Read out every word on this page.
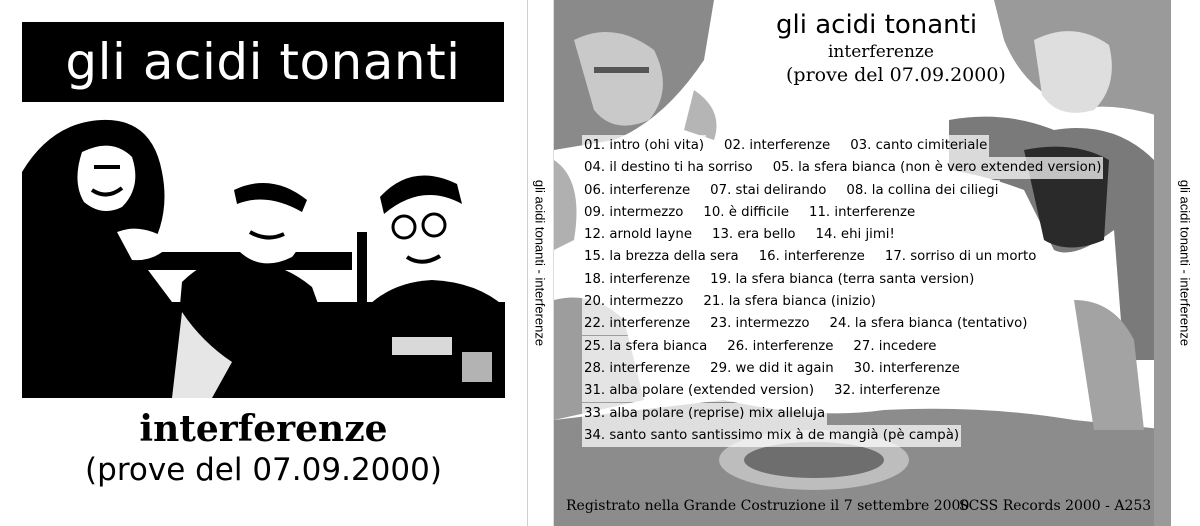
gli acidi tonanti
interferenze
(prove del 07.09.2000)
gli acidi tonanti - interferenze
gli acidi tonanti
interferenze
(prove del 07.09.2000)
01. intro (ohi vita) 02. interferenze 03. canto cimiteriale
04. il destino ti ha sorriso 05. la sfera bianca (non è vero extended version)
06. interferenze 07. stai delirando 08. la collina dei ciliegi
09. intermezzo 10. è difficile 11. interferenze
12. arnold layne 13. era bello 14. ehi jimi!
15. la brezza della sera 16. interferenze 17. sorriso di un morto
18. interferenze 19. la sfera bianca (terra santa version)
20. intermezzo 21. la sfera bianca (inizio)
22. interferenze 23. intermezzo 24. la sfera bianca (tentativo)
25. la sfera bianca 26. interferenze 27. incedere
28. interferenze 29. we did it again 30. interferenze
31. alba polare (extended version) 32. interferenze
33. alba polare (reprise) mix alleluja
34. santo santo santissimo mix à de mangià (pè campà)
Registrato nella Grande Costruzione il 7 settembre 2000
SCSS Records 2000 - A253
gli acidi tonanti - interferenze
